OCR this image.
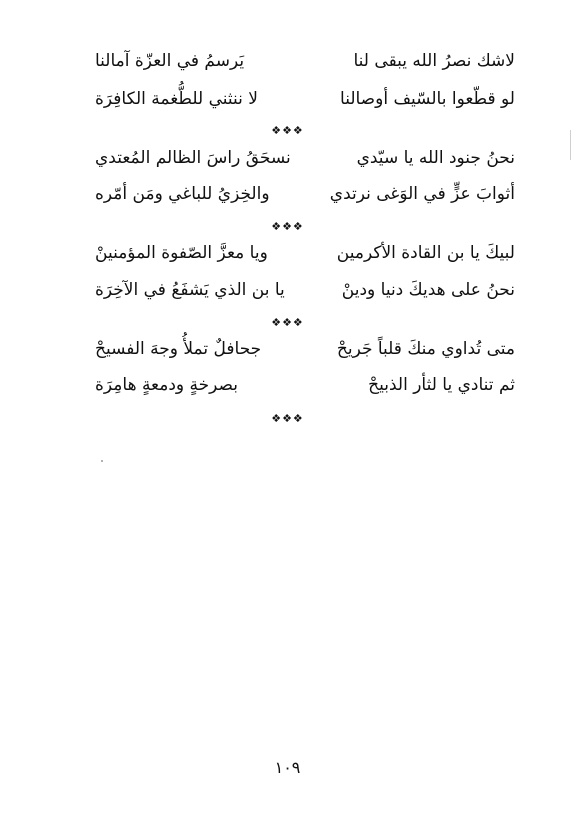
لاشك نصرُ الله يبقى لنا
يَرسمُ في العزّة آمالنا
لو قطّعوا بالسّيف أوصالنا
لا ننثني للطُّغمة الكافِرَة
❖❖❖
نحنُ جنود الله يا سيّدي
نسحَقُ راسَ الظالم المُعتدي
أثوابَ عزٍّ في الوَغى نرتدي
والخِزيُ للباغي ومَن أمّره
❖❖❖
لبيكَ يا بن القادة الأكرمين
ويا معزَّ الصّفوة المؤمنينْ
نحنُ على هديكَ دنيا ودينْ
يا بن الذي يَشفَعُ في الآخِرَة
❖❖❖
متى تُداوي منكَ قلباً جَريحْ
جحافلٌ تملأُ وجهَ الفسيحْ
ثم تنادي يا لثأر الذبيحْ
بصرخةٍ ودمعةٍ هامِرَة
❖❖❖
١٠٩
